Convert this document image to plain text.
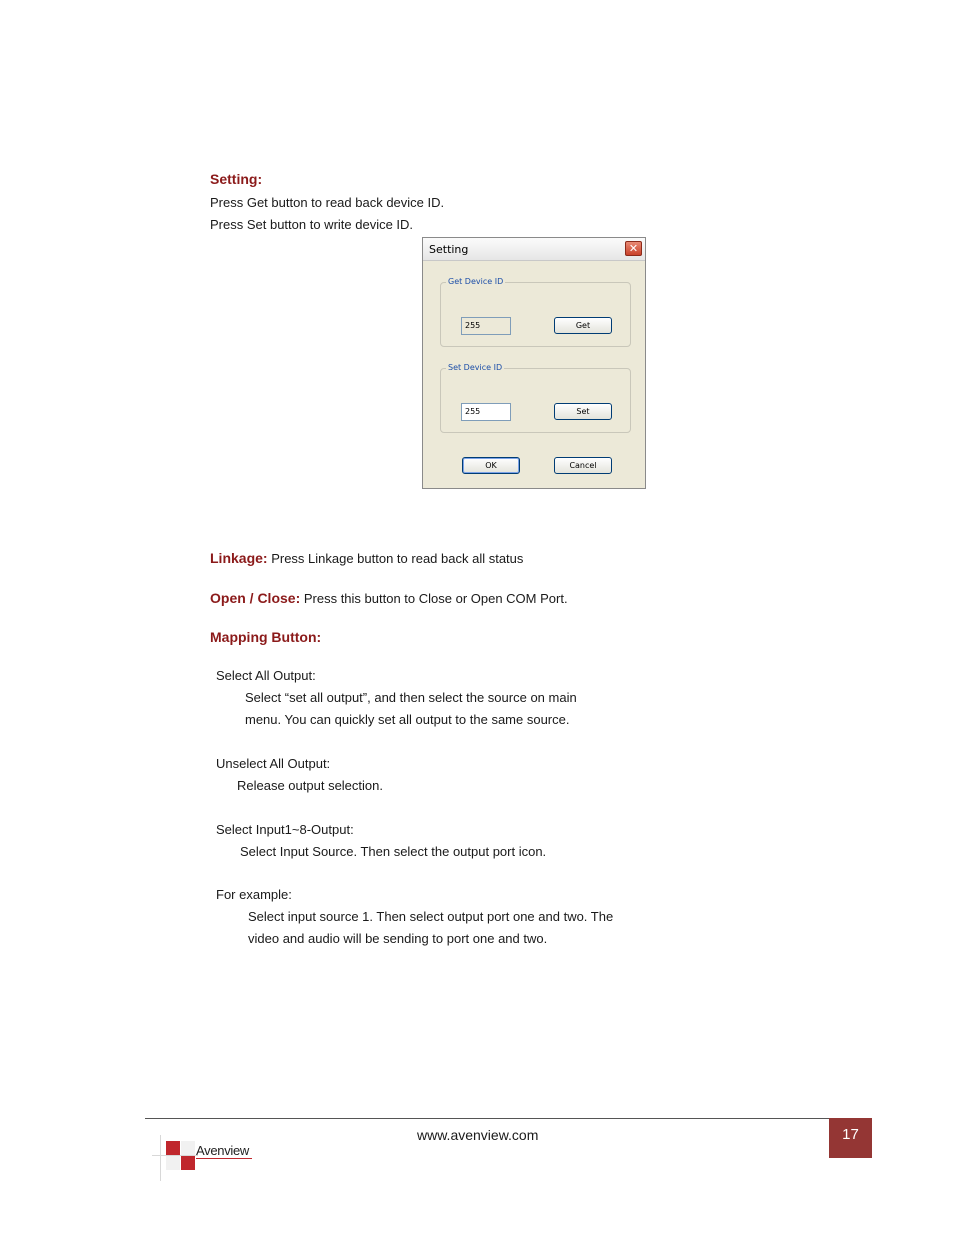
Setting:
Press Get button to read back device ID.
Press Set button to write device ID.
Setting	✕
Get Device ID
255	Get
Set Device ID
255	Set
OK	Cancel
Linkage: Press Linkage button to read back all status
Open / Close: Press this button to Close or Open COM Port.
Mapping Button:
Select All Output:
Select “set all output”, and then select the source on main
menu. You can quickly set all output to the same source.
Unselect All Output:
Release output selection.
Select Input1~8-Output:
Select Input Source. Then select the output port icon.
For example:
Select input source 1. Then select output port one and two. The
video and audio will be sending to port one and two.
www.avenview.com	17
Avenview
